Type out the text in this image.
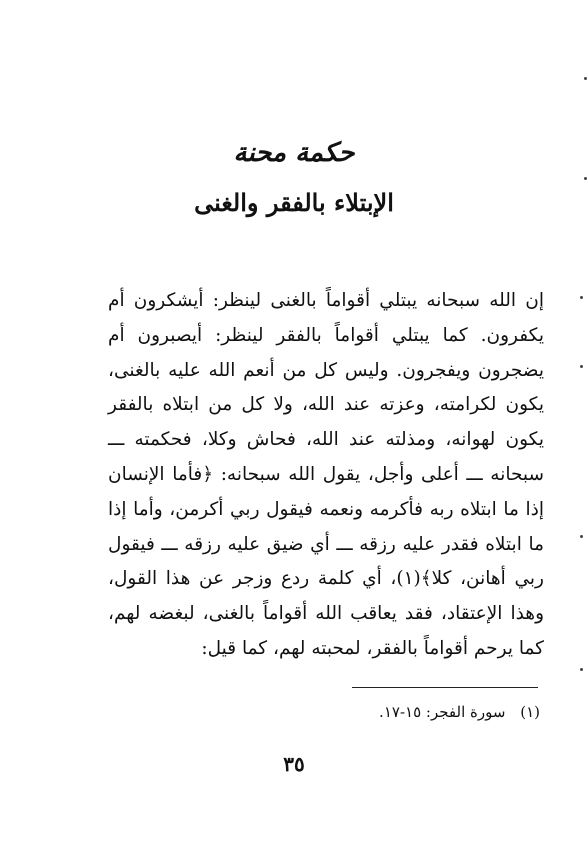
حكمة محنة
الإبتلاء بالفقر والغنى

إن الله سبحانه يبتلي أقواماً بالغنى لينظر: أيشكرون أم يكفرون. كما يبتلي أقواماً بالفقر لينظر: أيصبرون أم يضجرون ويفجرون. وليس كل من أنعم الله عليه بالغنى، يكون لكرامته، وعزته عند الله، ولا كل من ابتلاه بالفقر يكون لهوانه، ومذلته عند الله، فحاش وكلا، فحكمته ـــ سبحانه ـــ أعلى وأجل، يقول الله سبحانه: ﴿فأما الإنسان إذا ما ابتلاه ربه فأكرمه ونعمه فيقول ربي أكرمن، وأما إذا ما ابتلاه فقدر عليه رزقه ـــ أي ضيق عليه رزقه ـــ فيقول ربي أهانن، كلا﴾(١)، أي كلمة ردع وزجر عن هذا القول، وهذا الإعتقاد، فقد يعاقب الله أقواماً بالغنى، لبغضه لهم، كما يرحم أقواماً بالفقر، لمحبته لهم، كما قيل:

(١) سورة الفجر: ١٥-١٧.
٣٥
